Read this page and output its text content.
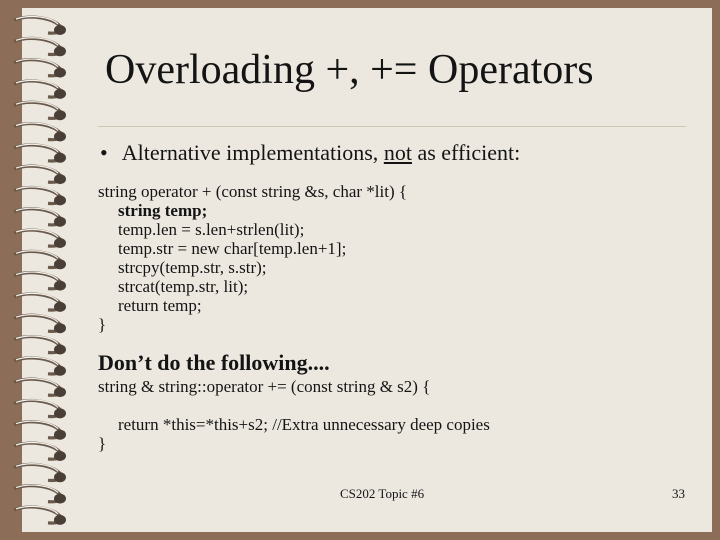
Overloading +, += Operators
• Alternative implementations, not as efficient:
string operator + (const string &s, char *lit) {
string temp;
temp.len = s.len+strlen(lit);
temp.str = new char[temp.len+1];
strcpy(temp.str, s.str);
strcat(temp.str, lit);
return temp;
}
Don’t do the following....
string & string::operator += (const string & s2) {
return *this=*this+s2; //Extra unnecessary deep copies
}
CS202 Topic #6	33
